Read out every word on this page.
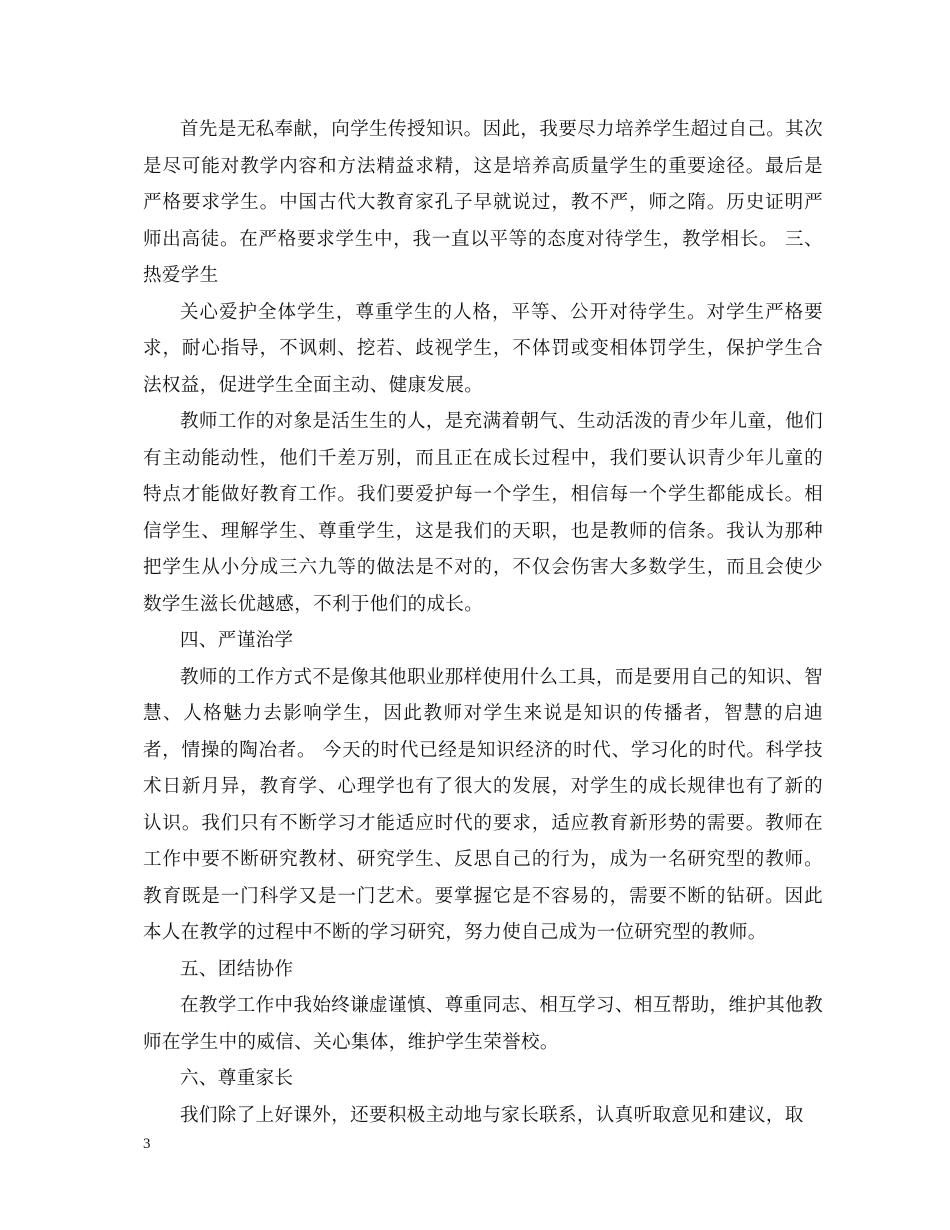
首先是无私奉献，向学生传授知识。因此，我要尽力培养学生超过自己。其次是尽可能对教学内容和方法精益求精，这是培养高质量学生的重要途径。最后是严格要求学生。中国古代大教育家孔子早就说过，教不严，师之隋。历史证明严师出高徒。在严格要求学生中，我一直以平等的态度对待学生，教学相长。 三、热爱学生

关心爱护全体学生，尊重学生的人格，平等、公开对待学生。对学生严格要求，耐心指导，不讽刺、挖若、歧视学生，不体罚或变相体罚学生，保护学生合法权益，促进学生全面主动、健康发展。

教师工作的对象是活生生的人，是充满着朝气、生动活泼的青少年儿童，他们有主动能动性，他们千差万别，而且正在成长过程中，我们要认识青少年儿童的特点才能做好教育工作。我们要爱护每一个学生，相信每一个学生都能成长。相信学生、理解学生、尊重学生，这是我们的天职，也是教师的信条。我认为那种把学生从小分成三六九等的做法是不对的，不仅会伤害大多数学生，而且会使少数学生滋长优越感，不利于他们的成长。

四、严谨治学

教师的工作方式不是像其他职业那样使用什么工具，而是要用自己的知识、智慧、人格魅力去影响学生，因此教师对学生来说是知识的传播者，智慧的启迪者，情操的陶冶者。 今天的时代已经是知识经济的时代、学习化的时代。科学技术日新月异，教育学、心理学也有了很大的发展，对学生的成长规律也有了新的认识。我们只有不断学习才能适应时代的要求，适应教育新形势的需要。教师在工作中要不断研究教材、研究学生、反思自己的行为，成为一名研究型的教师。教育既是一门科学又是一门艺术。要掌握它是不容易的，需要不断的钻研。因此本人在教学的过程中不断的学习研究，努力使自己成为一位研究型的教师。

五、团结协作

在教学工作中我始终谦虚谨慎、尊重同志、相互学习、相互帮助，维护其他教师在学生中的威信、关心集体，维护学生荣誉校。

六、尊重家长

我们除了上好课外，还要积极主动地与家长联系，认真听取意见和建议，取

3
